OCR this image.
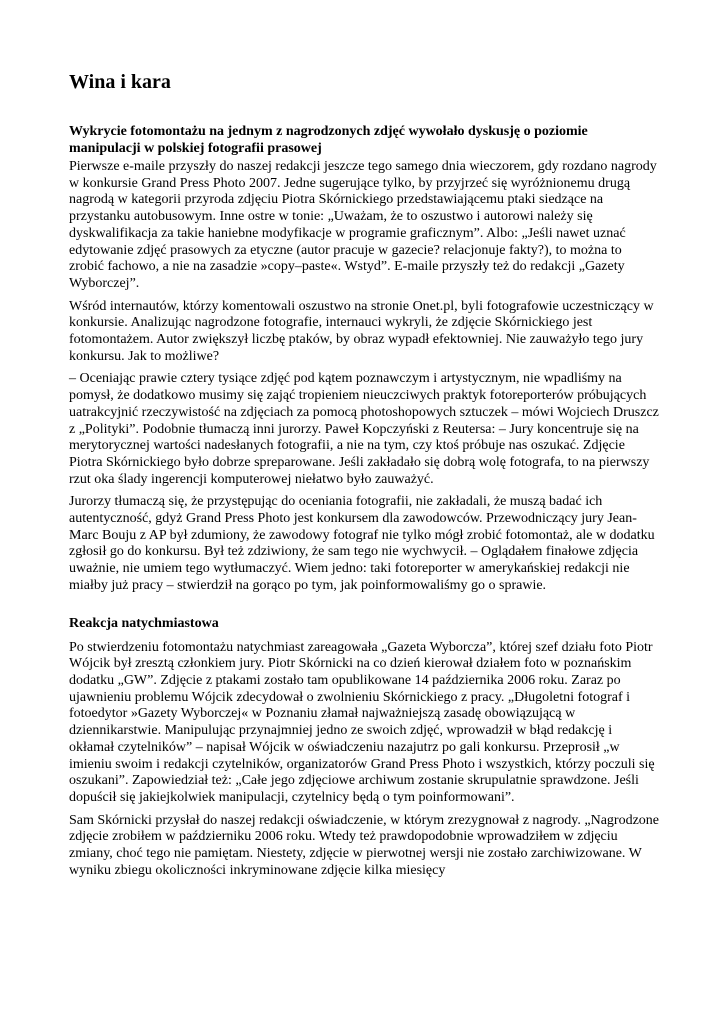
Wina i kara
Wykrycie fotomontażu na jednym z nagrodzonych zdjęć wywołało dyskusję o poziomie manipulacji w polskiej fotografii prasowej

Pierwsze e-maile przyszły do naszej redakcji jeszcze tego samego dnia wieczorem, gdy rozdano nagrody w konkursie Grand Press Photo 2007. Jedne sugerujące tylko, by przyjrzeć się wyróżnionemu drugą nagrodą w kategorii przyroda zdjęciu Piotra Skórnickiego przedstawiającemu ptaki siedzące na przystanku autobusowym. Inne ostre w tonie: „Uważam, że to oszustwo i autorowi należy się dyskwalifikacja za takie haniebne modyfikacje w programie graficznym”. Albo: „Jeśli nawet uznać edytowanie zdjęć prasowych za etyczne (autor pracuje w gazecie? relacjonuje fakty?), to można to zrobić fachowo, a nie na zasadzie »copy–paste«. Wstyd”. E-maile przyszły też do redakcji „Gazety Wyborczej”.

Wśród internautów, którzy komentowali oszustwo na stronie Onet.pl, byli fotografowie uczestniczący w konkursie. Analizując nagrodzone fotografie, internauci wykryli, że zdjęcie Skórnickiego jest fotomontażem. Autor zwiększył liczbę ptaków, by obraz wypadł efektowniej. Nie zauważyło tego jury konkursu. Jak to możliwe?

– Oceniając prawie cztery tysiące zdjęć pod kątem poznawczym i artystycznym, nie wpadliśmy na pomysł, że dodatkowo musimy się zająć tropieniem nieuczciwych praktyk fotoreporterów próbujących uatrakcyjnić rzeczywistość na zdjęciach za pomocą photoshopowych sztuczek – mówi Wojciech Druszcz z „Polityki”. Podobnie tłumaczą inni jurorzy. Paweł Kopczyński z Reutersa: – Jury koncentruje się na merytorycznej wartości nadesłanych fotografii, a nie na tym, czy ktoś próbuje nas oszukać. Zdjęcie Piotra Skórnickiego było dobrze spreparowane. Jeśli zakładało się dobrą wolę fotografa, to na pierwszy rzut oka ślady ingerencji komputerowej niełatwo było zauważyć.

Jurorzy tłumaczą się, że przystępując do oceniania fotografii, nie zakładali, że muszą badać ich autentyczność, gdyż Grand Press Photo jest konkursem dla zawodowców. Przewodniczący jury Jean-Marc Bouju z AP był zdumiony, że zawodowy fotograf nie tylko mógł zrobić fotomontaż, ale w dodatku zgłosił go do konkursu. Był też zdziwiony, że sam tego nie wychwycił. – Oglądałem finałowe zdjęcia uważnie, nie umiem tego wytłumaczyć. Wiem jedno: taki fotoreporter w amerykańskiej redakcji nie miałby już pracy – stwierdził na gorąco po tym, jak poinformowaliśmy go o sprawie.

Reakcja natychmiastowa

Po stwierdzeniu fotomontażu natychmiast zareagowała „Gazeta Wyborcza”, której szef działu foto Piotr Wójcik był zresztą członkiem jury. Piotr Skórnicki na co dzień kierował działem foto w poznańskim dodatku „GW”. Zdjęcie z ptakami zostało tam opublikowane 14 października 2006 roku. Zaraz po ujawnieniu problemu Wójcik zdecydował o zwolnieniu Skórnickiego z pracy. „Długoletni fotograf i fotoedytor »Gazety Wyborczej« w Poznaniu złamał najważniejszą zasadę obowiązującą w dziennikarstwie. Manipulując przynajmniej jedno ze swoich zdjęć, wprowadził w błąd redakcję i okłamał czytelników” – napisał Wójcik w oświadczeniu nazajutrz po gali konkursu. Przeprosił „w imieniu swoim i redakcji czytelników, organizatorów Grand Press Photo i wszystkich, którzy poczuli się oszukani”. Zapowiedział też: „Całe jego zdjęciowe archiwum zostanie skrupulatnie sprawdzone. Jeśli dopuścił się jakiejkolwiek manipulacji, czytelnicy będą o tym poinformowani”.

Sam Skórnicki przysłał do naszej redakcji oświadczenie, w którym zrezygnował z nagrody. „Nagrodzone zdjęcie zrobiłem w październiku 2006 roku. Wtedy też prawdopodobnie wprowadziłem w zdjęciu zmiany, choć tego nie pamiętam. Niestety, zdjęcie w pierwotnej wersji nie zostało zarchiwizowane. W wyniku zbiegu okoliczności inkryminowane zdjęcie kilka miesięcy
